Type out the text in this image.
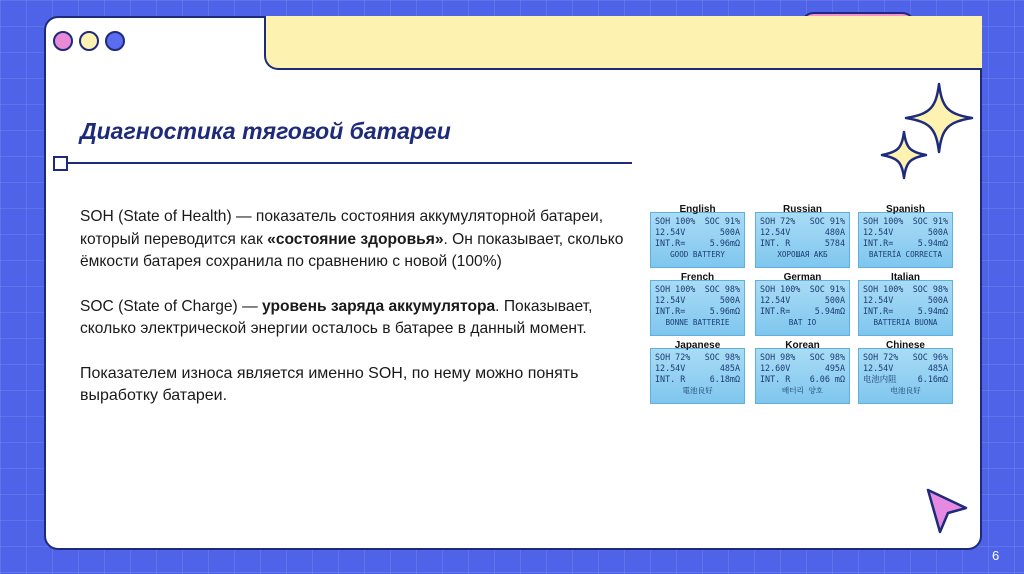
Диагностика тяговой батареи

SOH (State of Health) — показатель состояния аккумуляторной батареи, который переводится как «состояние здоровья». Он показывает, сколько ёмкости батарея сохранила по сравнению с новой (100%)

SOC (State of Charge) — уровень заряда аккумулятора. Показывает, сколько электрической энергии осталось в батарее в данный момент.

Показателем износа является именно SOH, по нему можно понять выработку батареи.

English
SOH 100% SOC 91%
12.54V	500A
INT.R=	5.96mΩ
GOOD BATTERY
Russian
SOH 72% SOC 91%
12.54V	480A
INT. R	5784
ХОРОШАЯ АКБ
Spanish
SOH 100% SOC 91%
12.54V	500A
INT.R=	5.94mΩ
BATERÍA CORRECTA
French
SOH 100% SOC 98%
12.54V	500A
INT.R=	5.96mΩ
BONNE BATTERIE
German
SOH 100% SOC 91%
12.54V	500A
INT.R=	5.94mΩ
BAT IO
Italian
SOH 100% SOC 98%
12.54V	500A
INT.R=	5.94mΩ
BATTERIA BUONA
Japanese
SOH 72% SOC 98%
12.54V	485A
INT. R	6.18mΩ
電池良好
Korean
SOH 98% SOC 98%
12.60V	495A
INT. R 6.06 mΩ
배터리 양호
Chinese
SOH 72% SOC 96%
12.54V	485A
电池内阻	6.16mΩ
电池良好
6
